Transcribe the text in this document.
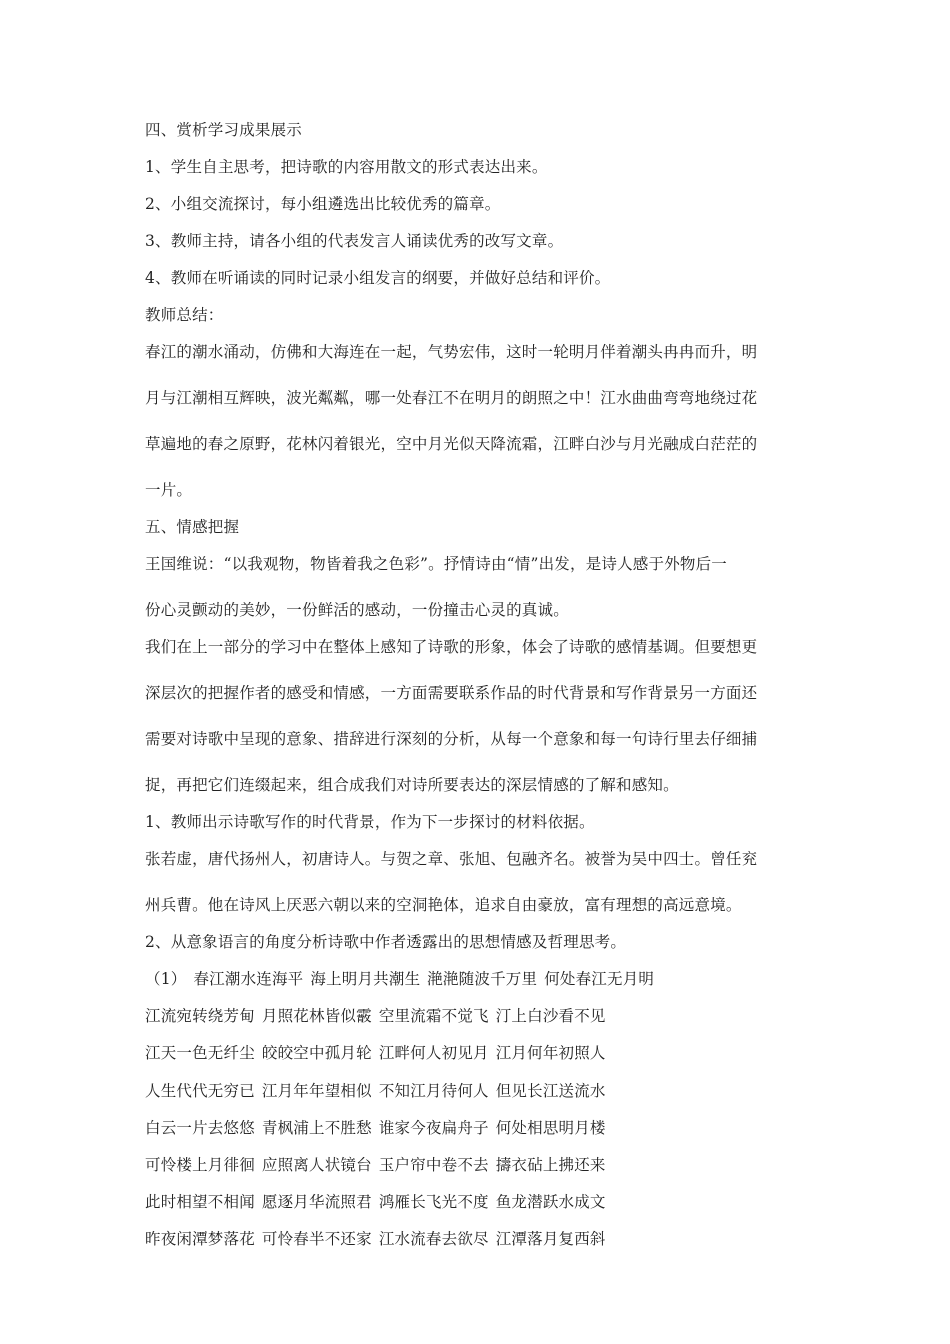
四、赏析学习成果展示
1、学生自主思考，把诗歌的内容用散文的形式表达出来。
2、小组交流探讨，每小组遴选出比较优秀的篇章。
3、教师主持，请各小组的代表发言人诵读优秀的改写文章。
4、教师在听诵读的同时记录小组发言的纲要，并做好总结和评价。
教师总结：
春江的潮水涌动，仿佛和大海连在一起，气势宏伟，这时一轮明月伴着潮头冉冉而升，明
月与江潮相互辉映，波光粼粼，哪一处春江不在明月的朗照之中！江水曲曲弯弯地绕过花
草遍地的春之原野，花林闪着银光，空中月光似天降流霜，江畔白沙与月光融成白茫茫的
一片。
五、情感把握
王国维说：“以我观物，物皆着我之色彩”。抒情诗由“情”出发，是诗人感于外物后一
份心灵颤动的美妙，一份鲜活的感动，一份撞击心灵的真诚。
我们在上一部分的学习中在整体上感知了诗歌的形象，体会了诗歌的感情基调。但要想更
深层次的把握作者的感受和情感，一方面需要联系作品的时代背景和写作背景另一方面还
需要对诗歌中呈现的意象、措辞进行深刻的分析，从每一个意象和每一句诗行里去仔细捕
捉，再把它们连缀起来，组合成我们对诗所要表达的深层情感的了解和感知。
1、教师出示诗歌写作的时代背景，作为下一步探讨的材料依据。
张若虚，唐代扬州人，初唐诗人。与贺之章、张旭、包融齐名。被誉为吴中四士。曾任兖
州兵曹。他在诗风上厌恶六朝以来的空洞艳体，追求自由豪放，富有理想的高远意境。
2、从意象语言的角度分析诗歌中作者透露出的思想情感及哲理思考。
（1） 春江潮水连海平 海上明月共潮生 滟滟随波千万里 何处春江无月明
江流宛转绕芳甸 月照花林皆似霰 空里流霜不觉飞 汀上白沙看不见
江天一色无纤尘 皎皎空中孤月轮 江畔何人初见月 江月何年初照人
人生代代无穷已 江月年年望相似 不知江月待何人 但见长江送流水
白云一片去悠悠 青枫浦上不胜愁 谁家今夜扁舟子 何处相思明月楼
可怜楼上月徘徊 应照离人状镜台 玉户帘中卷不去 擣衣砧上拂还来
此时相望不相闻 愿逐月华流照君 鸿雁长飞光不度 鱼龙潜跃水成文
昨夜闲潭梦落花 可怜春半不还家 江水流春去欲尽 江潭落月复西斜
